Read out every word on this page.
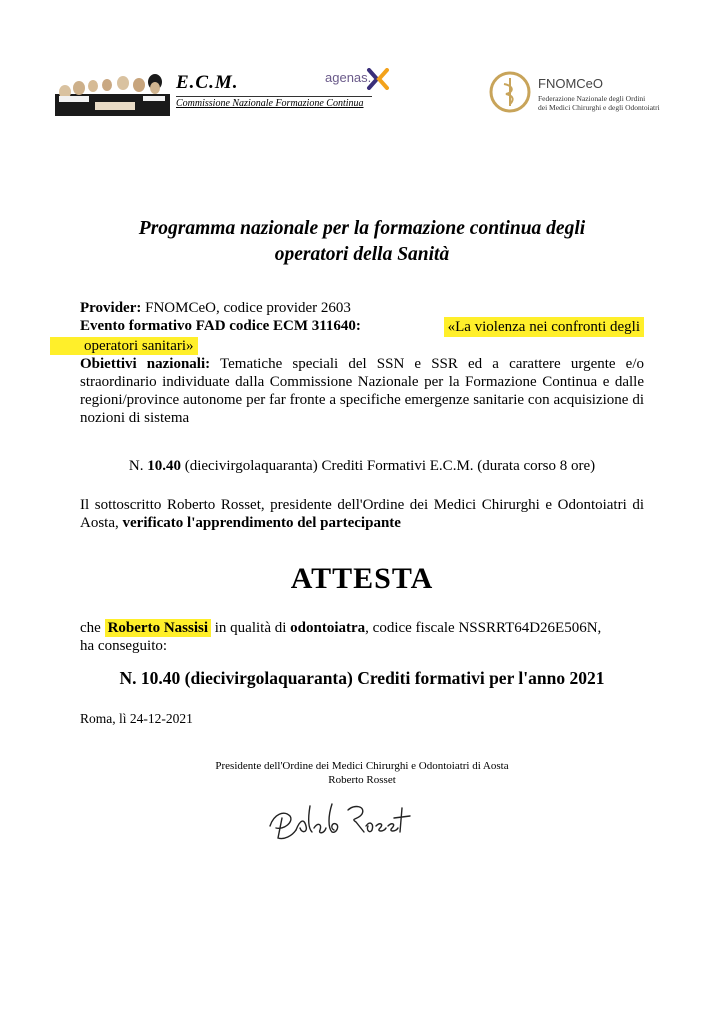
E.C.M.
Commissione Nazionale Formazione Continua
agenas.	FNOMCeO
Federazione Nazionale degli Ordini
dei Medici Chirurghi e degli Odontoiatri
Programma nazionale per la formazione continua degli
operatori della Sanità
Provider: FNOMCeO, codice provider 2603
Evento formativo FAD codice ECM 311640:	«La violenza nei confronti degli
operatori sanitari»
Obiettivi nazionali: Tematiche speciali del SSN e SSR ed a carattere urgente e/o straordinario individuate dalla Commissione Nazionale per la Formazione Continua e dalle regioni/province autonome per far fronte a specifiche emergenze sanitarie con acquisizione di nozioni di sistema
N. 10.40 (diecivirgolaquaranta) Crediti Formativi E.C.M. (durata corso 8 ore)
Il sottoscritto Roberto Rosset, presidente dell'Ordine dei Medici Chirurghi e Odontoiatri di Aosta, verificato l'apprendimento del partecipante
ATTESTA
che Roberto Nassisi in qualità di odontoiatra, codice fiscale NSSRRT64D26E506N,
ha conseguito:
N. 10.40 (diecivirgolaquaranta) Crediti formativi per l'anno 2021
Roma, lì 24-12-2021
Presidente dell'Ordine dei Medici Chirurghi e Odontoiatri di Aosta
Roberto Rosset
